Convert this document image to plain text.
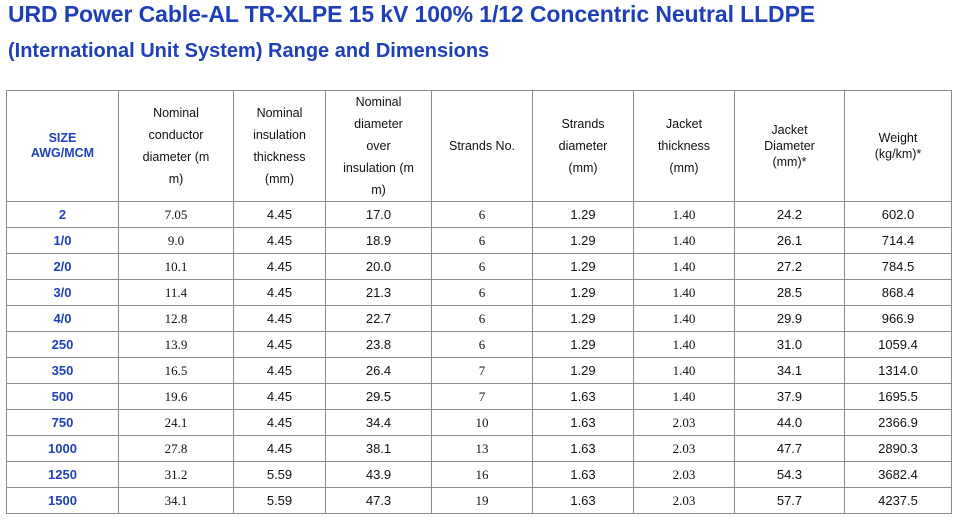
URD Power Cable-AL TR-XLPE 15 kV 100% 1/12 Concentric Neutral LLDPE
(International Unit System) Range and Dimensions
SIZE
AWG/MCM	Nominal
conductor
diameter (m
m)	Nominal
insulation
thickness
(mm)	Nominal
diameter
over
insulation (m
m)	Strands No.	Strands
diameter
(mm)	Jacket
thickness
(mm)	Jacket
Diameter
(mm)*	Weight
(kg/km)*
2	7.05	4.45	17.0	6	1.29	1.40	24.2	602.0
1/0	9.0	4.45	18.9	6	1.29	1.40	26.1	714.4
2/0	10.1	4.45	20.0	6	1.29	1.40	27.2	784.5
3/0	11.4	4.45	21.3	6	1.29	1.40	28.5	868.4
4/0	12.8	4.45	22.7	6	1.29	1.40	29.9	966.9
250	13.9	4.45	23.8	6	1.29	1.40	31.0	1059.4
350	16.5	4.45	26.4	7	1.29	1.40	34.1	1314.0
500	19.6	4.45	29.5	7	1.63	1.40	37.9	1695.5
750	24.1	4.45	34.4	10	1.63	2.03	44.0	2366.9
1000	27.8	4.45	38.1	13	1.63	2.03	47.7	2890.3
1250	31.2	5.59	43.9	16	1.63	2.03	54.3	3682.4
1500	34.1	5.59	47.3	19	1.63	2.03	57.7	4237.5
